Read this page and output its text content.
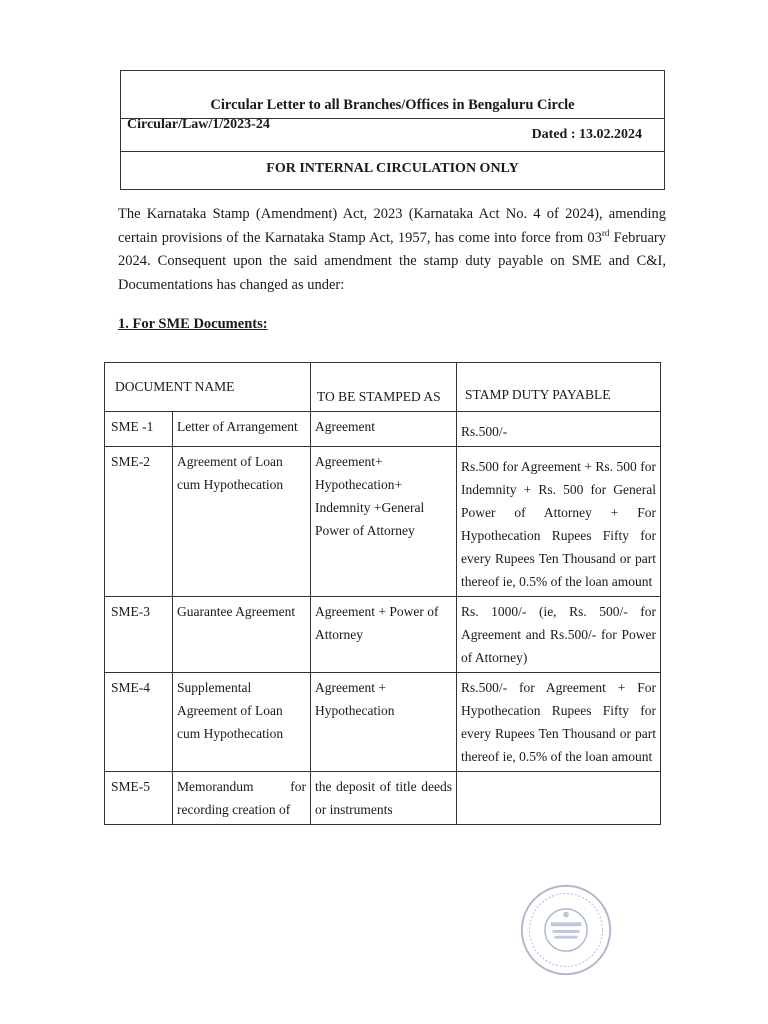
Circular Letter to all Branches/Offices in Bengaluru Circle
Circular/Law/1/2023-24
Dated : 13.02.2024
FOR INTERNAL CIRCULATION ONLY

The Karnataka Stamp (Amendment) Act, 2023 (Karnataka Act No. 4 of 2024), amending certain provisions of the Karnataka Stamp Act, 1957, has come into force from 03rd February 2024. Consequent upon the said amendment the stamp duty payable on SME and C&I, Documentations has changed as under:

1. For SME Documents:
DOCUMENT NAME		TO BE STAMPED AS	STAMP DUTY PAYABLE
SME -1	Letter of Arrangement	Agreement	Rs.500/-
SME-2	Agreement of Loan cum Hypothecation	Agreement+ Hypothecation+ Indemnity +General Power of Attorney	Rs.500 for Agreement + Rs. 500 for Indemnity + Rs. 500 for General Power of Attorney + For Hypothecation Rupees Fifty for every Rupees Ten Thousand or part thereof ie, 0.5% of the loan amount
SME-3	Guarantee Agreement	Agreement + Power of Attorney	Rs. 1000/- (ie, Rs. 500/- for Agreement and Rs.500/- for Power of Attorney)
SME-4	Supplemental Agreement of Loan cum Hypothecation	Agreement + Hypothecation	Rs.500/- for Agreement + For Hypothecation Rupees Fifty for every Rupees Ten Thousand or part thereof ie, 0.5% of the loan amount
SME-5	Memorandum for recording creation of	the deposit of title deeds or instruments	
